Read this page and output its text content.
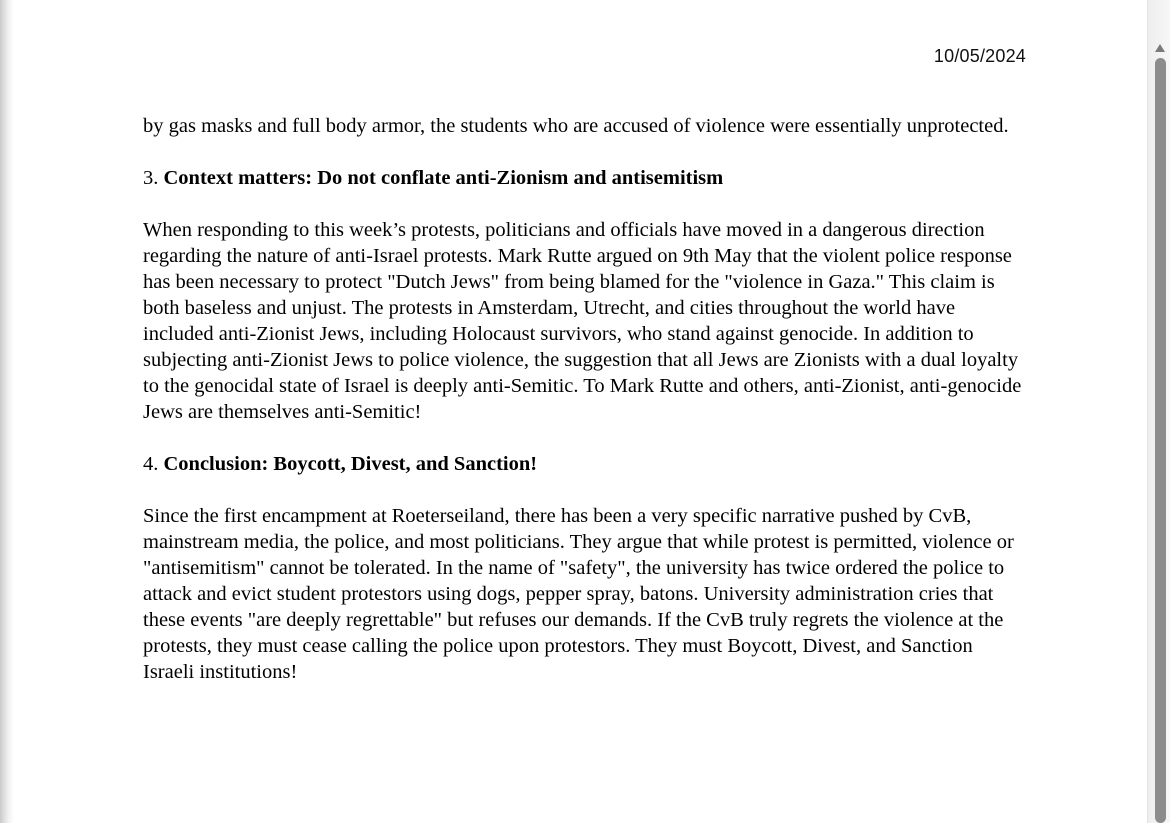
10/05/2024

by gas masks and full body armor, the students who are accused of violence were essentially unprotected.

3. Context matters: Do not conflate anti-Zionism and antisemitism

When responding to this week’s protests, politicians and officials have moved in a dangerous direction regarding the nature of anti-Israel protests. Mark Rutte argued on 9th May that the violent police response has been necessary to protect "Dutch Jews" from being blamed for the "violence in Gaza." This claim is both baseless and unjust. The protests in Amsterdam, Utrecht, and cities throughout the world have included anti-Zionist Jews, including Holocaust survivors, who stand against genocide. In addition to subjecting anti-Zionist Jews to police violence, the suggestion that all Jews are Zionists with a dual loyalty to the genocidal state of Israel is deeply anti-Semitic. To Mark Rutte and others, anti-Zionist, anti-genocide Jews are themselves anti-Semitic!

4. Conclusion: Boycott, Divest, and Sanction!

Since the first encampment at Roeterseiland, there has been a very specific narrative pushed by CvB, mainstream media, the police, and most politicians. They argue that while protest is permitted, violence or "antisemitism" cannot be tolerated. In the name of "safety", the university has twice ordered the police to attack and evict student protestors using dogs, pepper spray, batons. University administration cries that these events "are deeply regrettable" but refuses our demands. If the CvB truly regrets the violence at the protests, they must cease calling the police upon protestors. They must Boycott, Divest, and Sanction Israeli institutions!
